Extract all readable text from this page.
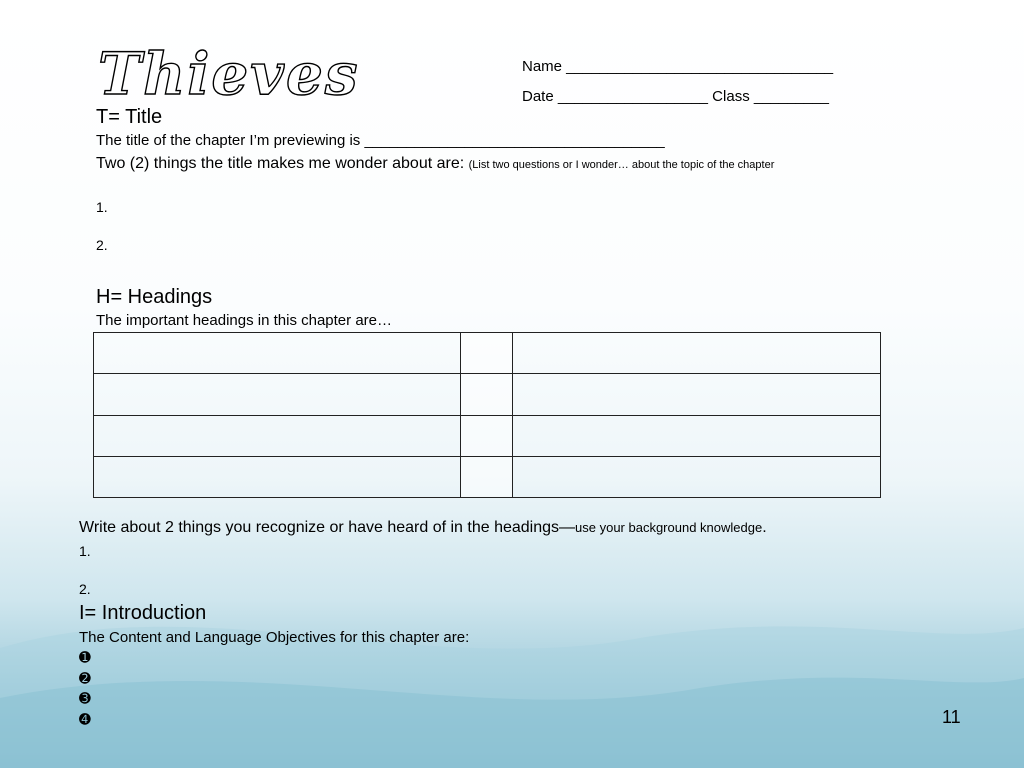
Thieves	Name ________________________________
Date __________________ Class _________
T= Title
The title of the chapter I’m previewing is ____________________________________
Two (2) things the title makes me wonder about are: (List two questions or I wonder… about the topic of the chapter
1.
2.
H= Headings
The important headings in this chapter are…

Write about 2 things you recognize or have heard of in the headings—use your background knowledge.
1.
2.
I= Introduction
The Content and Language Objectives for this chapter are:
➊
➋
➌
➍	11
